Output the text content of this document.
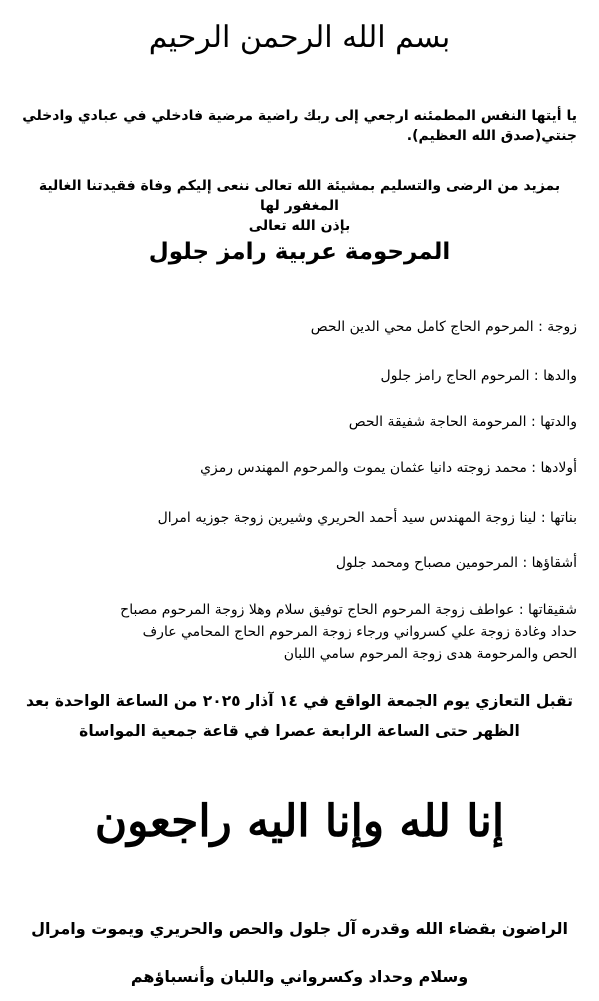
بسم الله الرحمن الرحيم

يا أيتها النفس المطمئنه ارجعي إلى ربك راضية مرضية فادخلي في عبادي وادخلي
جنتي(صدق الله العظيم).

بمزيد من الرضى والتسليم بمشيئة الله تعالى ننعى إليكم وفاة فقيدتنا الغالية المغفور لها
بإذن الله تعالى

المرحومة عربية رامز جلول

زوجة : المرحوم الحاج كامل محي الدين الحص

والدها : المرحوم الحاج رامز جلول

والدتها : المرحومة الحاجة شفيقة الحص

أولادها : محمد زوجته دانيا عثمان يموت والمرحوم المهندس رمزي

بناتها : لينا زوجة المهندس سيد أحمد الحريري وشيرين زوجة جوزيه امرال

أشقاؤها : المرحومين مصباح ومحمد جلول

شقيقاتها : عواطف زوجة المرحوم الحاج توفيق سلام وهلا زوجة المرحوم مصباح
حداد وغادة زوجة علي كسرواني ورجاء زوجة المرحوم الحاج المحامي عارف
الحص والمرحومة هدى زوجة المرحوم سامي اللبان

تقبل التعازي يوم الجمعة الواقع في ١٤ آذار ٢٠٢٥ من الساعة الواحدة بعد
الظهر حتى الساعة الرابعة عصرا في قاعة جمعية المواساة

إنا لله وإنا اليه راجعون

الراضون بقضاء الله وقدره آل جلول والحص والحريري ويموت وامرال
وسلام وحداد وكسرواني واللبان وأنسباؤهم
